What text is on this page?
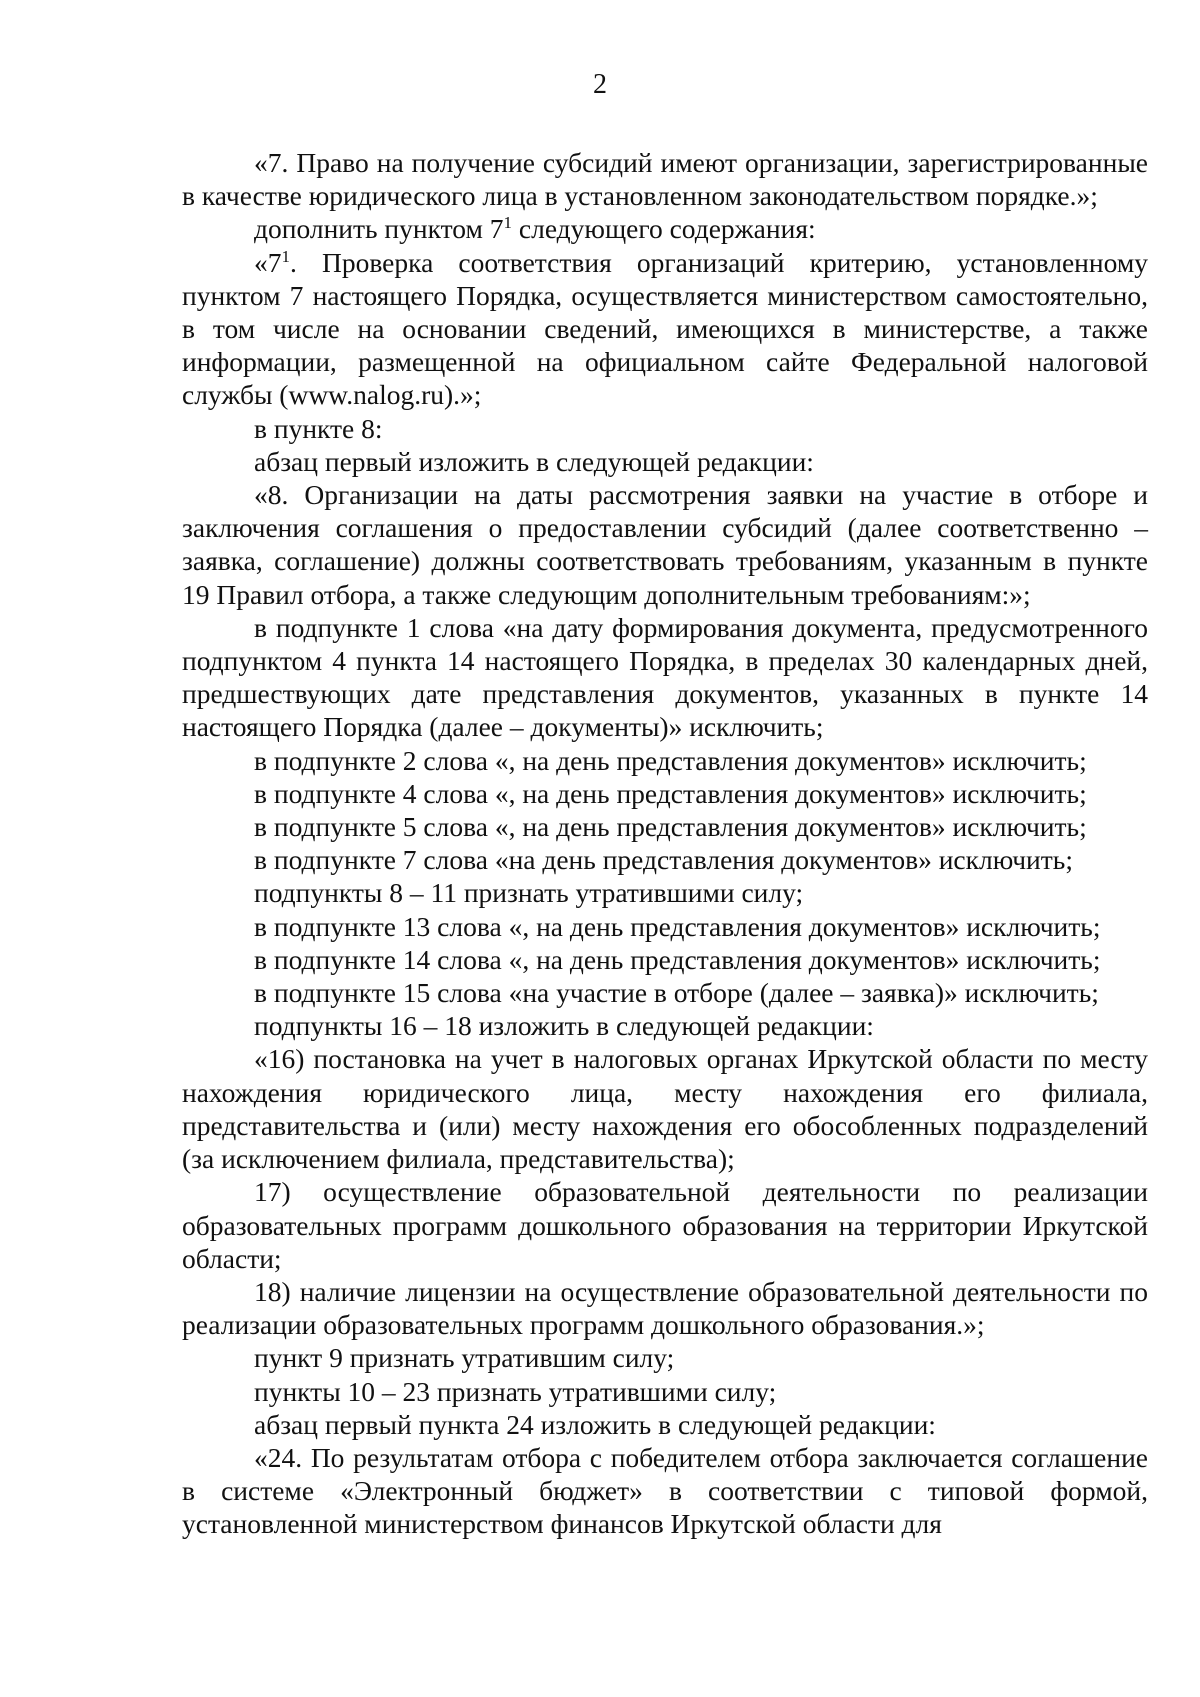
2

«7. Право на получение субсидий имеют организации, зарегистрированные в качестве юридического лица в установленном законодательством порядке.»;

дополнить пунктом $7^1$ следующего содержания:

«$7^1$. Проверка соответствия организаций критерию, установленному пунктом 7 настоящего Порядка, осуществляется министерством самостоятельно, в том числе на основании сведений, имеющихся в министерстве, а также информации, размещенной на официальном сайте Федеральной налоговой службы (www.nalog.ru).»;

в пункте 8:

абзац первый изложить в следующей редакции:

«8. Организации на даты рассмотрения заявки на участие в отборе и заключения соглашения о предоставлении субсидий (далее соответственно – заявка, соглашение) должны соответствовать требованиям, указанным в пункте 19 Правил отбора, а также следующим дополнительным требованиям:»;

в подпункте 1 слова «на дату формирования документа, предусмотренного подпунктом 4 пункта 14 настоящего Порядка, в пределах 30 календарных дней, предшествующих дате представления документов, указанных в пункте 14 настоящего Порядка (далее – документы)» исключить;

в подпункте 2 слова «, на день представления документов» исключить;

в подпункте 4 слова «, на день представления документов» исключить;

в подпункте 5 слова «, на день представления документов» исключить;

в подпункте 7 слова «на день представления документов» исключить;

подпункты 8 – 11 признать утратившими силу;

в подпункте 13 слова «, на день представления документов» исключить;

в подпункте 14 слова «, на день представления документов» исключить;

в подпункте 15 слова «на участие в отборе (далее – заявка)» исключить;

подпункты 16 – 18 изложить в следующей редакции:

«16) постановка на учет в налоговых органах Иркутской области по месту нахождения юридического лица, месту нахождения его филиала, представительства и (или) месту нахождения его обособленных подразделений (за исключением филиала, представительства);

17) осуществление образовательной деятельности по реализации образовательных программ дошкольного образования на территории Иркутской области;

18) наличие лицензии на осуществление образовательной деятельности по реализации образовательных программ дошкольного образования.»;

пункт 9 признать утратившим силу;

пункты 10 – 23 признать утратившими силу;

абзац первый пункта 24 изложить в следующей редакции:

«24. По результатам отбора с победителем отбора заключается соглашение в системе «Электронный бюджет» в соответствии с типовой формой, установленной министерством финансов Иркутской области для
